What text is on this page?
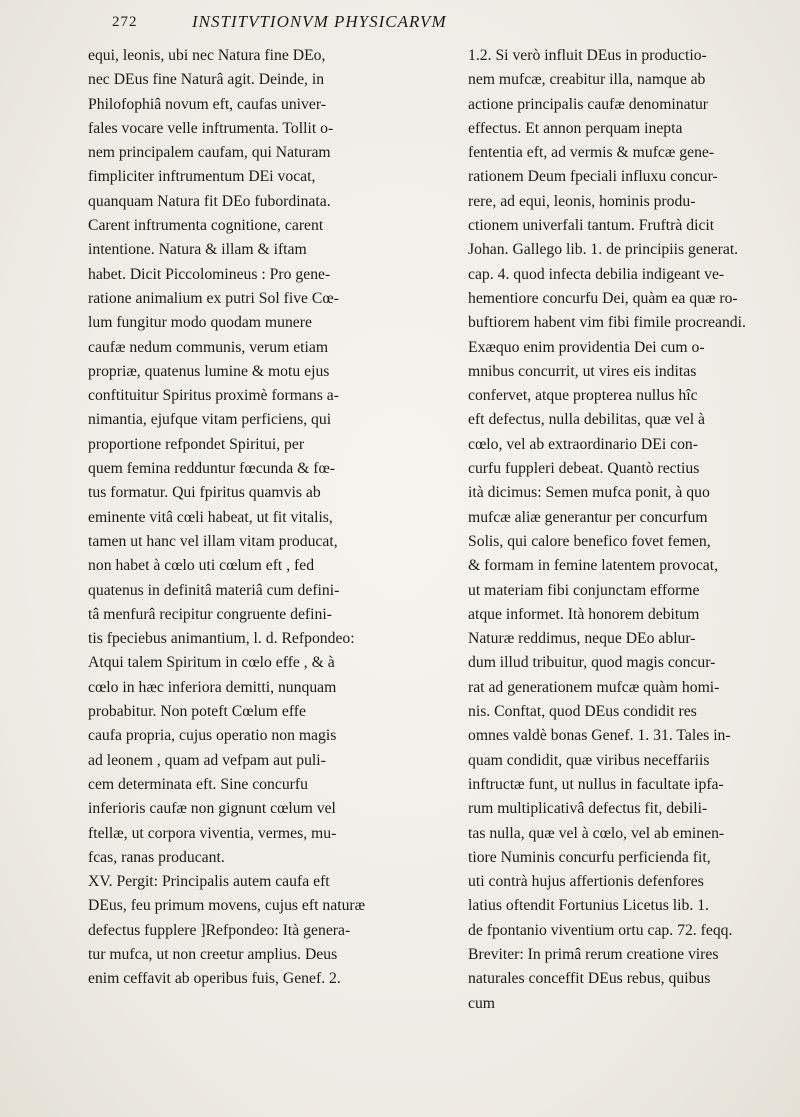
272	INSTITVTIONVM PHYSICARVM
equi, leonis, ubi nec Natura fine DEo,
nec DEus fine Naturâ agit. Deinde, in
Philofophiâ novum eft, caufas univer-
fales vocare velle inftrumenta. Tollit o-
nem principalem caufam, qui Naturam
fimpliciter inftrumentum DEi vocat,
quanquam Natura fit DEo fubordinata.
Carent inftrumenta cognitione, carent
intentione. Natura & illam & iftam
habet. Dicit Piccolomineus : Pro gene-
ratione animalium ex putri Sol five Cœ-
lum fungitur modo quodam munere
caufæ nedum communis, verum etiam
propriæ, quatenus lumine & motu ejus
conftituitur Spiritus proximè formans a-
nimantia, ejufque vitam perficiens, qui
proportione refpondet Spiritui, per
quem femina redduntur fœcunda & fœ-
tus formatur. Qui fpiritus quamvis ab
eminente vitâ cœli habeat, ut fit vitalis,
tamen ut hanc vel illam vitam producat,
non habet à cœlo uti cœlum eft , fed
quatenus in definitâ materiâ cum defini-
tâ menfurâ recipitur congruente defini-
tis fpeciebus animantium, l. d. Refpondeo:
Atqui talem Spiritum in cœlo effe , & à
cœlo in hæc inferiora demitti, nunquam
probabitur. Non poteft Cœlum effe
caufa propria, cujus operatio non magis
ad leonem , quam ad vefpam aut puli-
cem determinata eft. Sine concurfu
inferioris caufæ non gignunt cœlum vel
ftellæ, ut corpora viventia, vermes, mu-
fcas, ranas producant.
XV. Pergit: Principalis autem caufa eft
DEus, feu primum movens, cujus eft naturæ
defectus fupplere ]Refpondeo: Ità genera-
tur mufca, ut non creetur amplius. Deus
enim ceffavit ab operibus fuis, Genef. 2.
1.2. Si verò influit DEus in productio-
nem mufcæ, creabitur illa, namque ab
actione principalis caufæ denominatur
effectus. Et annon perquam inepta
fententia eft, ad vermis & mufcæ gene-
rationem Deum fpeciali influxu concur-
rere, ad equi, leonis, hominis produ-
ctionem univerfali tantum. Fruftrà dicit
Johan. Gallego lib. 1. de principiis generat.
cap. 4. quod infecta debilia indigeant ve-
hementiore concurfu Dei, quàm ea quæ ro-
buftiorem habent vim fibi fimile procreandi.
Exæquo enim providentia Dei cum o-
mnibus concurrit, ut vires eis inditas
confervet, atque propterea nullus hîc
eft defectus, nulla debilitas, quæ vel à
cœlo, vel ab extraordinario DEi con-
curfu fuppleri debeat. Quantò rectius
ità dicimus: Semen mufca ponit, à quo
mufcæ aliæ generantur per concurfum
Solis, qui calore benefico fovet femen,
& formam in femine latentem provocat,
ut materiam fibi conjunctam efforme
atque informet. Ità honorem debitum
Naturæ reddimus, neque DEo ablur-
dum illud tribuitur, quod magis concur-
rat ad generationem mufcæ quàm homi-
nis. Conftat, quod DEus condidit res
omnes valdè bonas Genef. 1. 31. Tales in-
quam condidit, quæ viribus neceffariis
inftructæ funt, ut nullus in facultate ipfa-
rum multiplicativâ defectus fit, debili-
tas nulla, quæ vel à cœlo, vel ab eminen-
tiore Numinis concurfu perficienda fit,
uti contrà hujus affertionis defenfores
latius oftendit Fortunius Licetus lib. 1.
de fpontanio viventium ortu cap. 72. feqq.
Breviter: In primâ rerum creatione vires
naturales conceffit DEus rebus, quibus
cum
